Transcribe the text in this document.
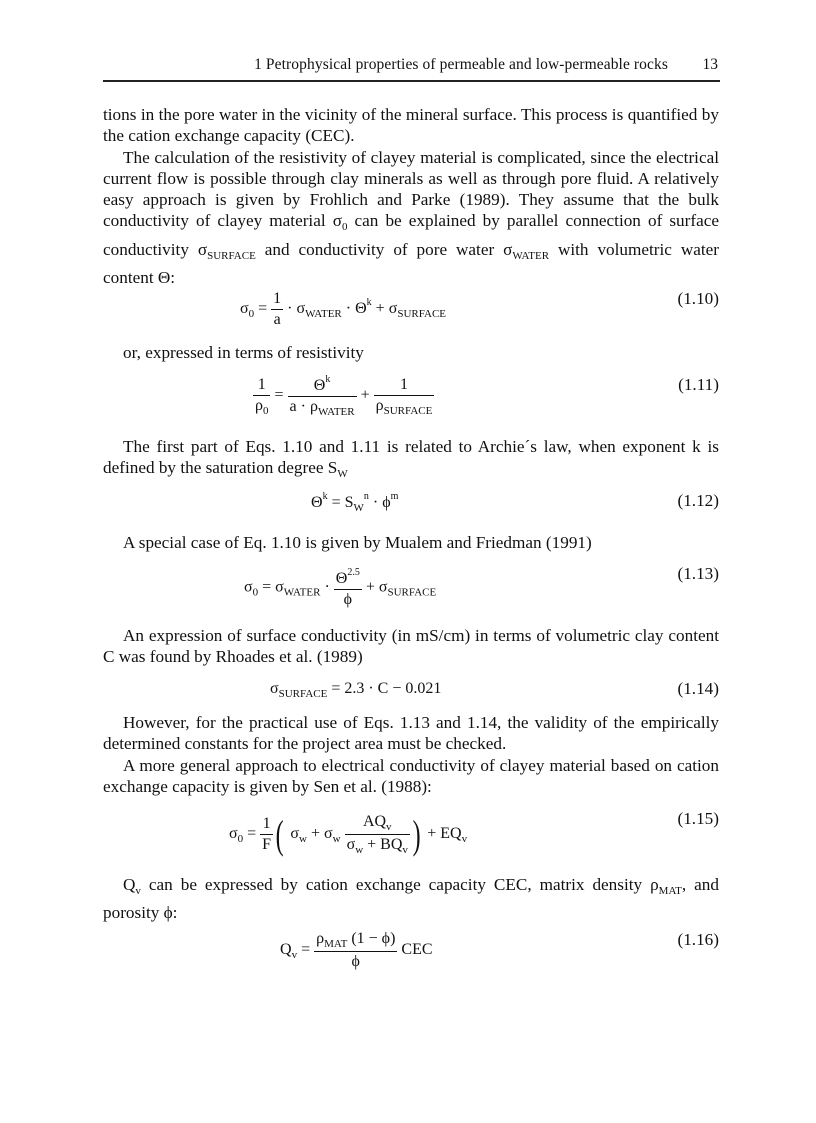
1 Petrophysical properties of permeable and low-permeable rocks 13

tions in the pore water in the vicinity of the mineral surface. This process is quantified by the cation exchange capacity (CEC).

The calculation of the resistivity of clayey material is complicated, since the electrical current flow is possible through clay minerals as well as through pore fluid. A relatively easy approach is given by Frohlich and Parke (1989). They assume that the bulk conductivity of clayey material $\sigma_0$ can be explained by parallel connection of surface conductivity $\sigma_{SURFACE}$ and conductivity of pore water $\sigma_{WATER}$ with volumetric water content Θ:

$\sigma_0 = \frac{1}{a} \cdot \sigma_{WATER} \cdot \Theta^k + \sigma_{SURFACE}$
(1.10)

or, expressed in terms of resistivity

$\frac{1}{\rho_0} = \frac{\Theta^k}{a \cdot \rho_{WATER}} + \frac{1}{\rho_{SURFACE}}$	(1.11)

The first part of Eqs. 1.10 and 1.11 is related to Archie´s law, when exponent k is defined by the saturation degree $S_W$

$\Theta^k = S_W^n \cdot \phi^m$	(1.12)

A special case of Eq. 1.10 is given by Mualem and Friedman (1991)

$\sigma_0 = \sigma_{WATER} \cdot \frac{\Theta^{2.5}}{\phi} + \sigma_{SURFACE}$
(1.13)

An expression of surface conductivity (in mS/cm) in terms of volumetric clay content C was found by Rhoades et al. (1989)

$\sigma_{SURFACE} = 2.3 \cdot C - 0.021$	(1.14)

However, for the practical use of Eqs. 1.13 and 1.14, the validity of the empirically determined constants for the project area must be checked.

A more general approach to electrical conductivity of clayey material based on cation exchange capacity is given by Sen et al. (1988):

$\sigma_0 = \frac{1}{F}$ ( $\sigma_w + \sigma_w \frac{AQ_v}{\sigma_w + BQ_v}$ ) + $EQ_v$
(1.15)

$Q_v$ can be expressed by cation exchange capacity CEC, matrix density $\rho_{MAT}$, and porosity ϕ:

$Q_v = \frac{\rho_{MAT} (1 - \phi)}{\phi}$ CEC
(1.16)
